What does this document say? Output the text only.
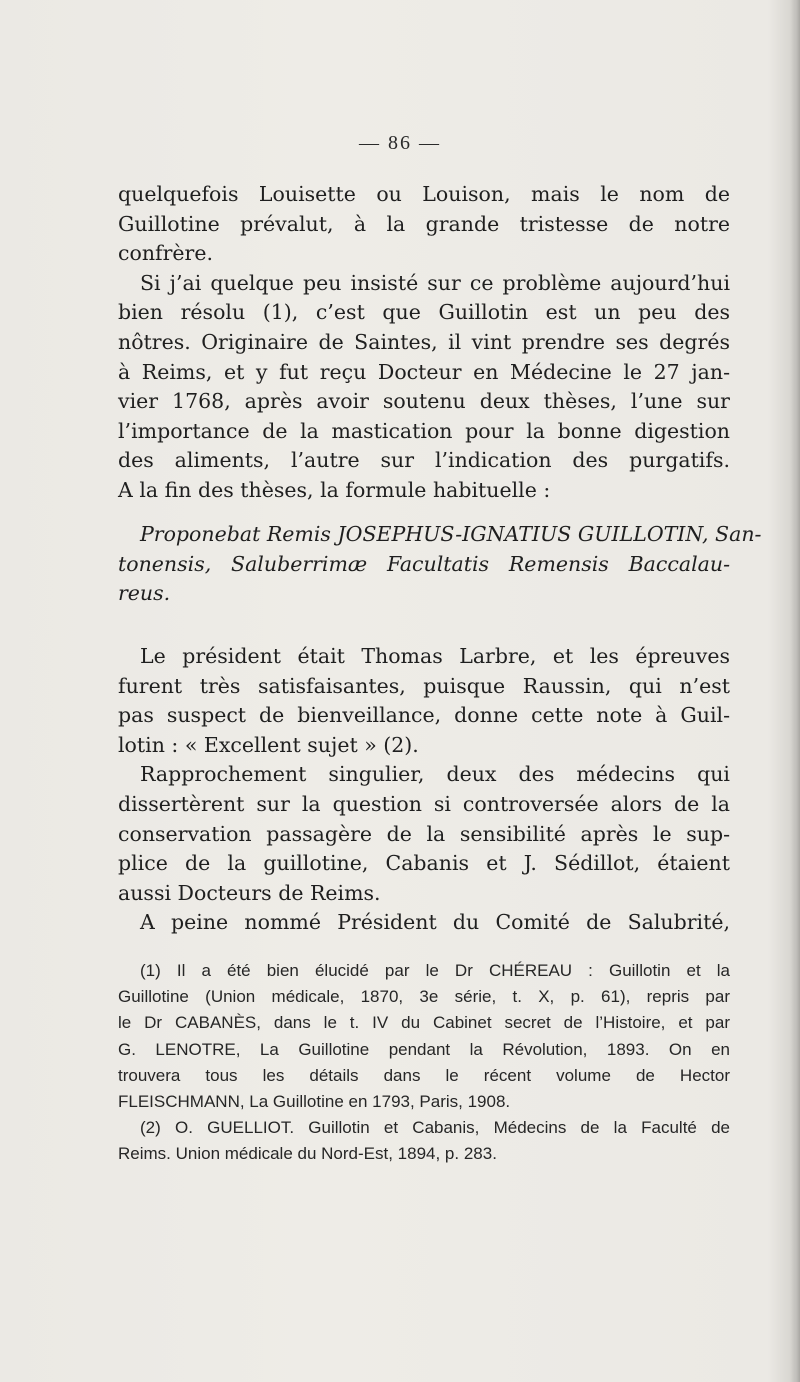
— 86 —
quelquefois Louisette ou Louison, mais le nom de
Guillotine prévalut, à la grande tristesse de notre
confrère.
Si j’ai quelque peu insisté sur ce problème aujourd’hui
bien résolu (1), c’est que Guillotin est un peu des
nôtres. Originaire de Saintes, il vint prendre ses degrés
à Reims, et y fut reçu Docteur en Médecine le 27 jan-
vier 1768, après avoir soutenu deux thèses, l’une sur
l’importance de la mastication pour la bonne digestion
des aliments, l’autre sur l’indication des purgatifs.
A la fin des thèses, la formule habituelle :
Proponebat Remis JOSEPHUS-IGNATIUS GUILLOTIN, San-
tonensis, Saluberrimæ Facultatis Remensis Baccalau-
reus.
Le président était Thomas Larbre, et les épreuves
furent très satisfaisantes, puisque Raussin, qui n’est
pas suspect de bienveillance, donne cette note à Guil-
lotin : « Excellent sujet » (2).
Rapprochement singulier, deux des médecins qui
dissertèrent sur la question si controversée alors de la
conservation passagère de la sensibilité après le sup-
plice de la guillotine, Cabanis et J. Sédillot, étaient
aussi Docteurs de Reims.
A peine nommé Président du Comité de Salubrité,
(1) Il a été bien élucidé par le Dr CHÉREAU : Guillotin et la
Guillotine (Union médicale, 1870, 3e série, t. X, p. 61), repris par
le Dr CABANÈS, dans le t. IV du Cabinet secret de l’Histoire, et par
G. LENOTRE, La Guillotine pendant la Révolution, 1893. On en
trouvera tous les détails dans le récent volume de Hector
FLEISCHMANN, La Guillotine en 1793, Paris, 1908.
(2) O. GUELLIOT. Guillotin et Cabanis, Médecins de la Faculté de
Reims. Union médicale du Nord-Est, 1894, p. 283.
